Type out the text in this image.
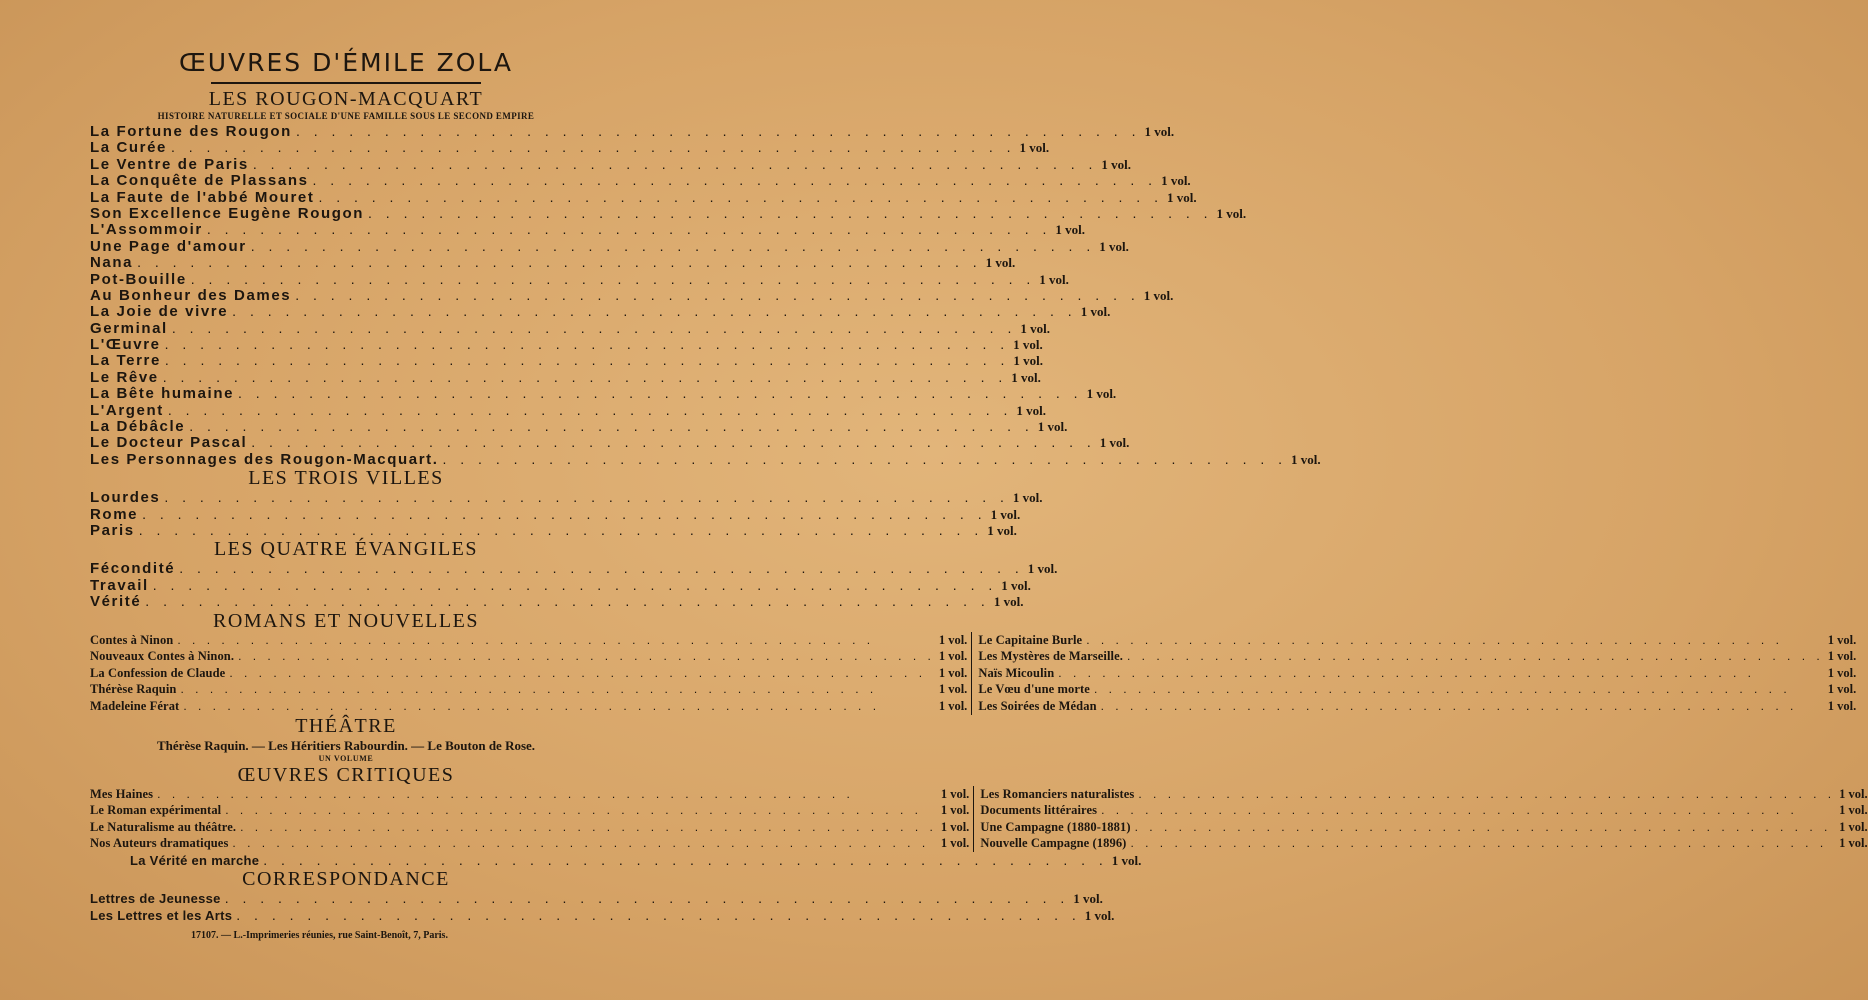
ŒUVRES D'ÉMILE ZOLA
LES ROUGON-MACQUART
HISTOIRE NATURELLE ET SOCIALE D'UNE FAMILLE SOUS LE SECOND EMPIRE
La Fortune des Rougon . . .	1 vol.
La Curée . . .	1 vol.
Le Ventre de Paris . . .	1 vol.
La Conquête de Plassans . . .	1 vol.
La Faute de l'abbé Mouret . . .	1 vol.
Son Excellence Eugène Rougon . . .	1 vol.
L'Assommoir . . .	1 vol.
Une Page d'amour . . .	1 vol.
Nana . . .	1 vol.
Pot-Bouille . . .	1 vol.
Au Bonheur des Dames . . .	1 vol.
La Joie de vivre . . .	1 vol.
Germinal . . .	1 vol.
L'Œuvre . . .	1 vol.
La Terre . . .	1 vol.
Le Rêve . . .	1 vol.
La Bête humaine . . .	1 vol.
L'Argent . . .	1 vol.
La Débâcle . . .	1 vol.
Le Docteur Pascal . . .	1 vol.
Les Personnages des Rougon-Macquart. . . .	1 vol.
LES TROIS VILLES
Lourdes . . .	1 vol.
Rome . . .	1 vol.
Paris . . .	1 vol.
LES QUATRE ÉVANGILES
Fécondité . . .	1 vol.
Travail . . .	1 vol.
Vérité . . .	1 vol.
ROMANS ET NOUVELLES
Contes à Ninon . . .	1 vol.
Nouveaux Contes à Ninon. . . .	1 vol.
La Confession de Claude . . .	1 vol.
Thérèse Raquin . . .	1 vol.
Madeleine Férat . . .	1 vol.
Le Capitaine Burle . . .	1 vol.
Les Mystères de Marseille. . . .	1 vol.
Naïs Micoulin . . .	1 vol.
Le Vœu d'une morte . . .	1 vol.
Les Soirées de Médan . . .	1 vol.
THÉÂTRE
Thérèse Raquin. — Les Héritiers Rabourdin. — Le Bouton de Rose.
UN VOLUME
ŒUVRES CRITIQUES
Mes Haines . . .	1 vol.
Le Roman expérimental . . .	1 vol.
Le Naturalisme au théâtre. . . .	1 vol.
Nos Auteurs dramatiques . . .	1 vol.
Les Romanciers naturalistes . . .	1 vol.
Documents littéraires . . .	1 vol.
Une Campagne (1880-1881) . . .	1 vol.
Nouvelle Campagne (1896) . . .	1 vol.
La Vérité en marche . . .	1 vol.
CORRESPONDANCE
Lettres de Jeunesse . . .	1 vol.
Les Lettres et les Arts . . .	1 vol.
17107. — L.-Imprimeries réunies, rue Saint-Benoît, 7, Paris.
